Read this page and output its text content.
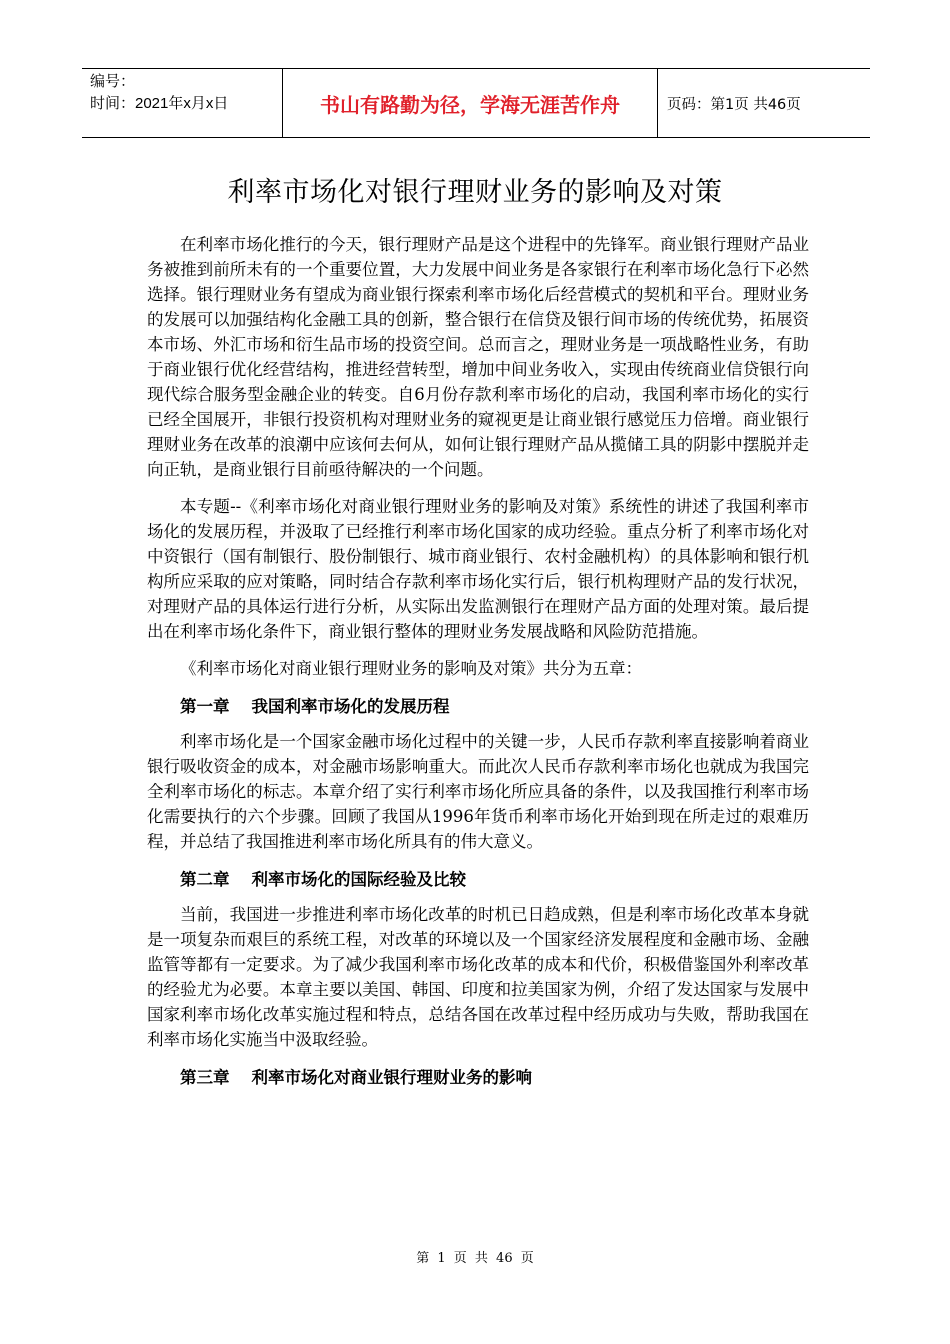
编号：
时间：2021年x月x日	书山有路勤为径，学海无涯苦作舟	页码：第1页 共46页
利率市场化对银行理财业务的影响及对策

在利率市场化推行的今天，银行理财产品是这个进程中的先锋军。商业银行理财产品业务被推到前所未有的一个重要位置，大力发展中间业务是各家银行在利率市场化急行下必然选择。银行理财业务有望成为商业银行探索利率市场化后经营模式的契机和平台。理财业务的发展可以加强结构化金融工具的创新，整合银行在信贷及银行间市场的传统优势，拓展资本市场、外汇市场和衍生品市场的投资空间。总而言之，理财业务是一项战略性业务，有助于商业银行优化经营结构，推进经营转型，增加中间业务收入，实现由传统商业信贷银行向现代综合服务型金融企业的转变。自6月份存款利率市场化的启动，我国利率市场化的实行已经全国展开，非银行投资机构对理财业务的窥视更是让商业银行感觉压力倍增。商业银行理财业务在改革的浪潮中应该何去何从，如何让银行理财产品从揽储工具的阴影中摆脱并走向正轨，是商业银行目前亟待解决的一个问题。

本专题--《利率市场化对商业银行理财业务的影响及对策》系统性的讲述了我国利率市场化的发展历程，并汲取了已经推行利率市场化国家的成功经验。重点分析了利率市场化对中资银行（国有制银行、股份制银行、城市商业银行、农村金融机构）的具体影响和银行机构所应采取的应对策略，同时结合存款利率市场化实行后，银行机构理财产品的发行状况，对理财产品的具体运行进行分析，从实际出发监测银行在理财产品方面的处理对策。最后提出在利率市场化条件下，商业银行整体的理财业务发展战略和风险防范措施。

《利率市场化对商业银行理财业务的影响及对策》共分为五章：

第一章 我国利率市场化的发展历程

利率市场化是一个国家金融市场化过程中的关键一步，人民币存款利率直接影响着商业银行吸收资金的成本，对金融市场影响重大。而此次人民币存款利率市场化也就成为我国完全利率市场化的标志。本章介绍了实行利率市场化所应具备的条件，以及我国推行利率市场化需要执行的六个步骤。回顾了我国从1996年货币利率市场化开始到现在所走过的艰难历程，并总结了我国推进利率市场化所具有的伟大意义。

第二章 利率市场化的国际经验及比较

当前，我国进一步推进利率市场化改革的时机已日趋成熟，但是利率市场化改革本身就是一项复杂而艰巨的系统工程，对改革的环境以及一个国家经济发展程度和金融市场、金融监管等都有一定要求。为了减少我国利率市场化改革的成本和代价，积极借鉴国外利率改革的经验尤为必要。本章主要以美国、韩国、印度和拉美国家为例，介绍了发达国家与发展中国家利率市场化改革实施过程和特点，总结各国在改革过程中经历成功与失败，帮助我国在利率市场化实施当中汲取经验。

第三章 利率市场化对商业银行理财业务的影响
第 1 页 共 46 页
